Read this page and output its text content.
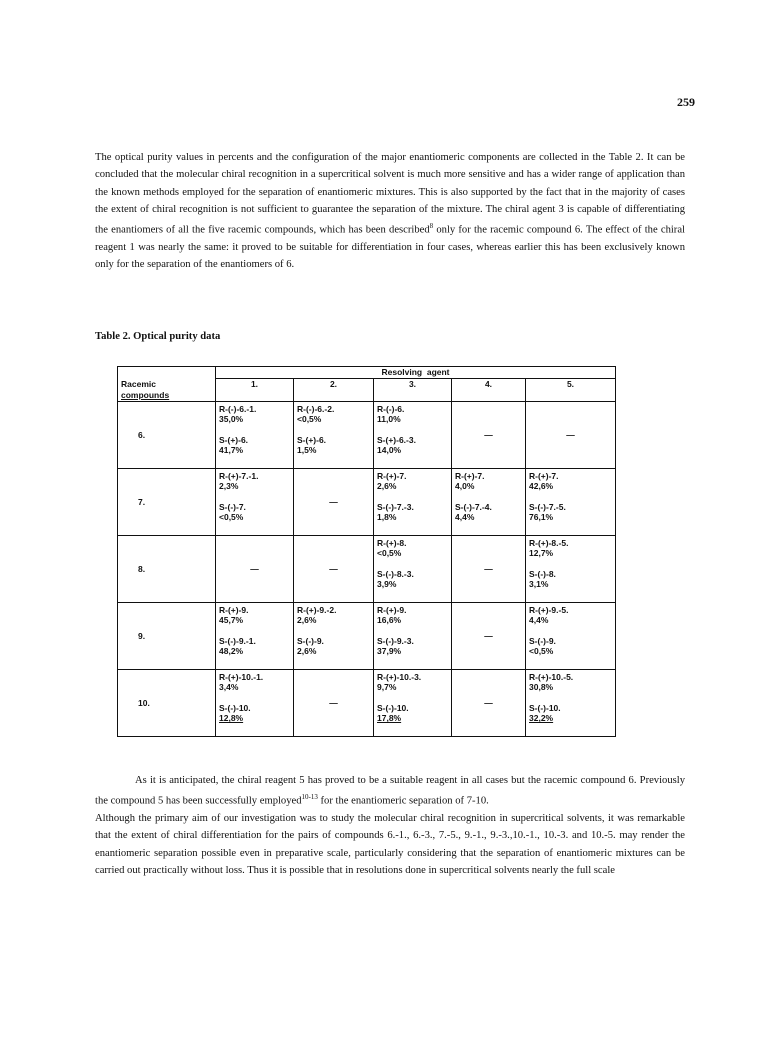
259

The optical purity values in percents and the configuration of the major enantiomeric components are collected in the Table 2. It can be concluded that the molecular chiral recognition in a supercritical solvent is much more sensitive and has a wider range of application than the known methods employed for the separation of enantiomeric mixtures. This is also supported by the fact that in the majority of cases the extent of chiral recognition is not sufficient to guarantee the separation of the mixture. The chiral agent 3 is capable of differentiating the enantiomers of all the five racemic compounds, which has been described$^8$ only for the racemic compound 6. The effect of the chiral reagent 1 was nearly the same: it proved to be suitable for differentiation in four cases, whereas earlier this has been exclusively known only for the separation of the enantiomers of 6.

Table 2. Optical purity data
	Resolving  agent				
Racemic	1.	2.	3.	4.	5.
compounds					
6.	R-(-)-6.-1.
35,0%
S-(+)-6.
41,7%	R-(-)-6.-2.
<0,5%
S-(+)-6.
1,5%	R-(-)-6.
11,0%
S-(+)-6.-3.
14,0%	—	—
7.	R-(+)-7.-1.
2,3%
S-(-)-7.
<0,5%	—	R-(+)-7.
2,6%
S-(-)-7.-3.
1,8%	R-(+)-7.
4,0%
S-(-)-7.-4.
4,4%	R-(+)-7.
42,6%
S-(-)-7.-5.
76,1%

8.	—	—	R-(+)-8.
<0,5%
S-(-)-8.-3.
3,9%	—	R-(+)-8.-5.
12,7%
S-(-)-8.
3,1%

9.	R-(+)-9.
45,7%
S-(-)-9.-1.
48,2%	R-(+)-9.-2.
2,6%
S-(-)-9.
2,6%	R-(+)-9.
16,6%
S-(-)-9.-3.
37,9%	—	R-(+)-9.-5.
4,4%
S-(-)-9.
<0,5%

10.	R-(+)-10.-1.
3,4%
S-(-)-10.
12,8%	—	R-(+)-10.-3.
9,7%
S-(-)-10.
17,8%	—	R-(+)-10.-5.
30,8%
S-(-)-10.
32,2%

As it is anticipated, the chiral reagent 5 has proved to be a suitable reagent in all cases but the racemic compound 6. Previously the compound 5 has been successfully employed$^{10-13}$ for the enantiomeric separation of 7-10.
Although the primary aim of our investigation was to study the molecular chiral recognition in supercritical solvents, it was remarkable that the extent of chiral differentiation for the pairs of compounds 6.-1., 6.-3., 7.-5., 9.-1., 9.-3.,10.-1., 10.-3. and 10.-5. may render the enantiomeric separation possible even in preparative scale, particularly considering that the separation of enantiomeric mixtures can be carried out practically without loss. Thus it is possible that in resolutions done in supercritical solvents nearly the full scale
